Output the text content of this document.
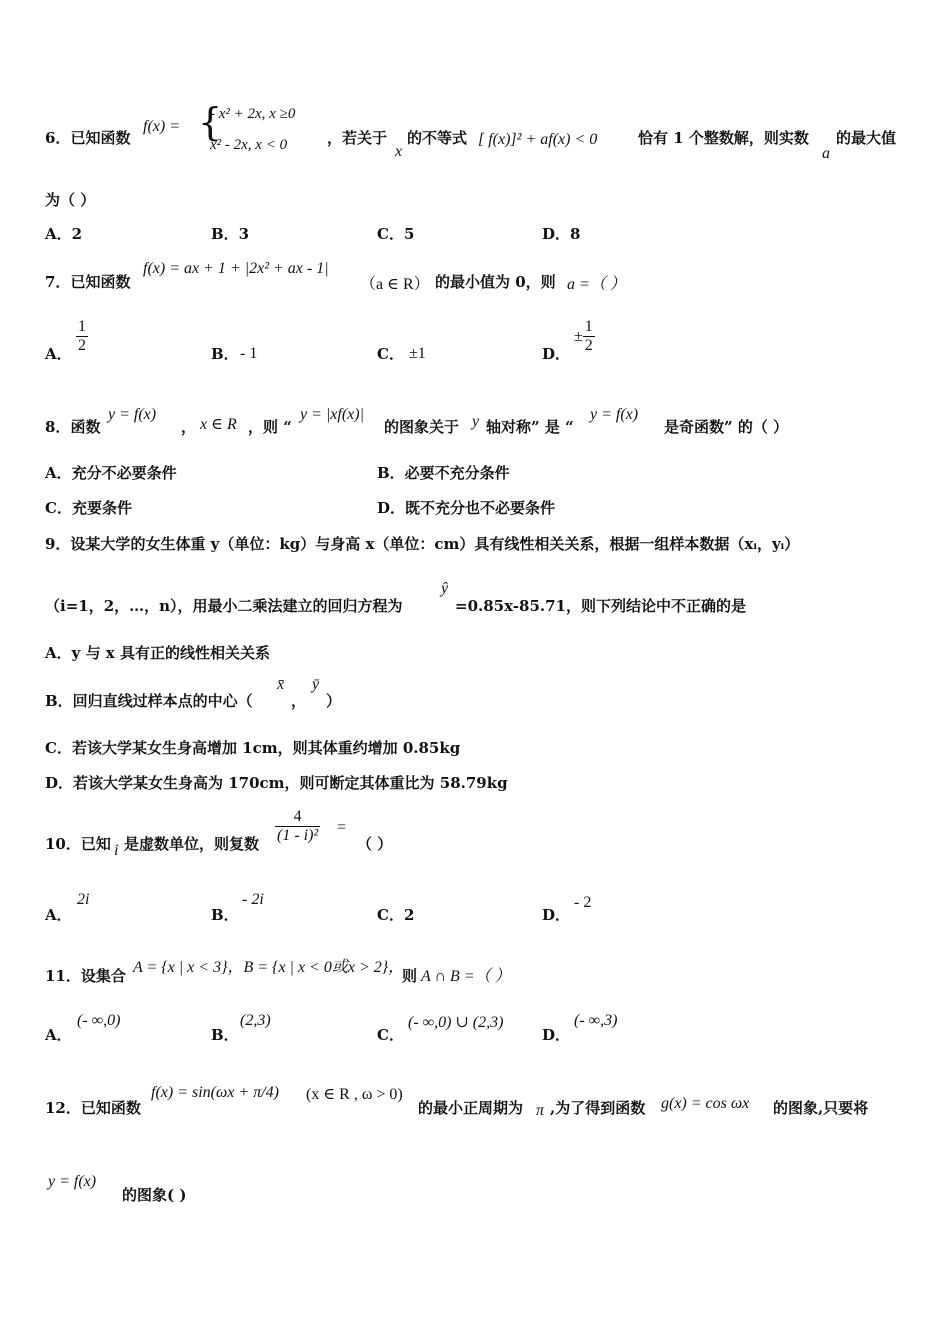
6．已知函数
f(x) = {
- x² + 2x, x ≥0
x² - 2x, x < 0	，若关于
x
的不等式 [ f(x)]² + af(x) < 0	恰有 1 个整数解，则实数
a
的最大值
为（ ）
A．2	B．3	C．5	D．8
7．已知函数
f(x) = ax + 1 + |2x² + ax - 1|
（a ∈ R） 的最小值为 0，则 a =（ ）
A． $\frac{1}{2}$	B． - 1	C． ±1	D．
± $\frac{1}{2}$
8．函数
y = f(x)
， x ∈ R ，则 “
y = |xf(x)|
的图象关于 y 轴对称” 是 “
y = f(x)
是奇函数” 的（ ）
A．充分不必要条件	B．必要不充分条件
C．充要条件	D．既不充分也不必要条件
9．设某大学的女生体重 y（单位：kg）与身高 x（单位：cm）具有线性相关关系，根据一组样本数据（xᵢ，yᵢ）
（i=1，2，…，n），用最小二乘法建立的回归方程为
ŷ
=0.85x-85.71，则下列结论中不正确的是
A．y 与 x 具有正的线性相关关系
B．回归直线过样本点的中心（
x̄
，
ȳ
）
C．若该大学某女生身高增加 1cm，则其体重约增加 0.85kg
D．若该大学某女生身高为 170cm，则可断定其体重比为 58.79kg
10．已知 i 是虚数单位，则复数 $\frac{4}{\text{(1 - i)²}}$ =
（ ）
A．
2i
B．
- 2i
C．2	D．
- 2
11．设集合 A = {x | x < 3}，B = {x | x < 0或x > 2}，
则 A ∩ B =（ ）
A．
(- ∞,0)
B．
(2,3)
C．
(- ∞,0) ∪ (2,3)
D．
(- ∞,3)
12．已知函数
f(x) = sin(ωx + π/4) (x ∈ R , ω > 0)
的最小正周期为 π ,为了得到函数 g(x) = cos ωx 的图象,只要将
y = f(x)
的图象( )
